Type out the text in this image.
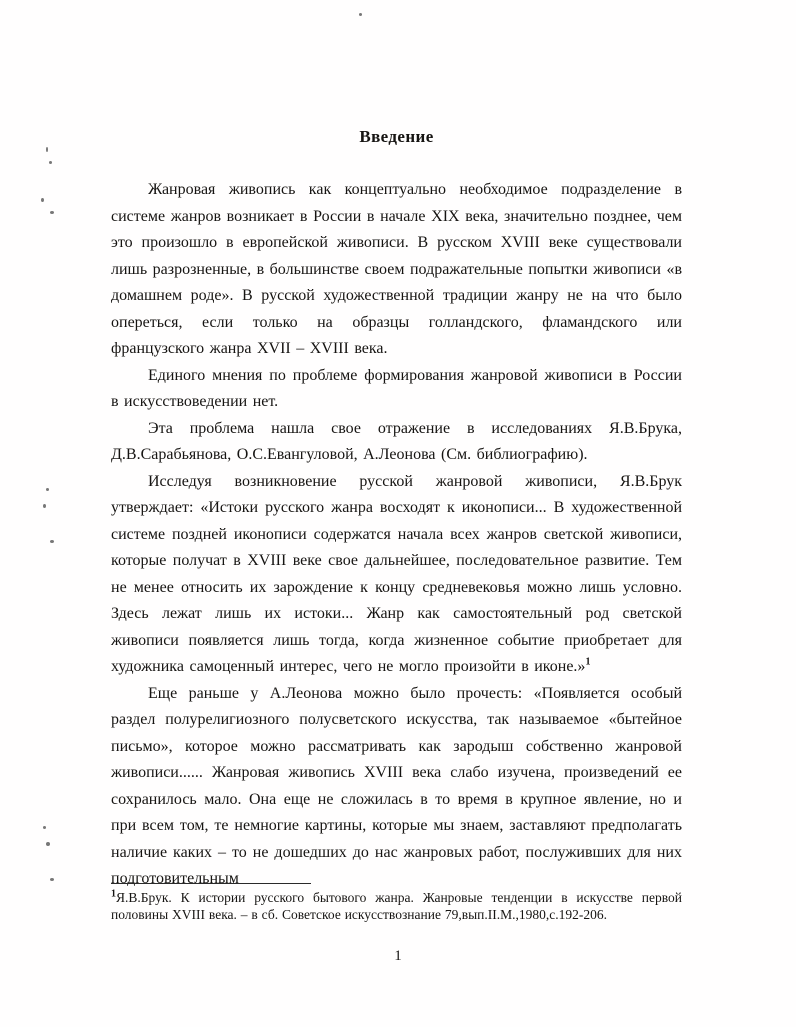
Введение

Жанровая живопись как концептуально необходимое подразделение в системе жанров возникает в России в начале XIX века, значительно позднее, чем это произошло в европейской живописи. В русском XVIII веке существовали лишь разрозненные, в большинстве своем подражательные попытки живописи «в домашнем роде». В русской художественной традиции жанру не на что было опереться, если только на образцы голландского, фламандского или французского жанра XVII – XVIII века.

Единого мнения по проблеме формирования жанровой живописи в России в искусствоведении нет.

Эта проблема нашла свое отражение в исследованиях Я.В.Брука, Д.В.Сарабьянова, О.С.Евангуловой, А.Леонова (См. библиографию).

Исследуя возникновение русской жанровой живописи, Я.В.Брук утверждает: «Истоки русского жанра восходят к иконописи... В художественной системе поздней иконописи содержатся начала всех жанров светской живописи, которые получат в XVIII веке свое дальнейшее, последовательное развитие. Тем не менее относить их зарождение к концу средневековья можно лишь условно. Здесь лежат лишь их истоки... Жанр как самостоятельный род светской живописи появляется лишь тогда, когда жизненное событие приобретает для художника самоценный интерес, чего не могло произойти в иконе.»$^1$

Еще раньше у А.Леонова можно было прочесть: «Появляется особый раздел полурелигиозного полусветского искусства, так называемое «бытейное письмо», которое можно рассматривать как зародыш собственно жанровой живописи...... Жанровая живопись XVIII века слабо изучена, произведений ее сохранилось мало. Она еще не сложилась в то время в крупное явление, но и при всем том, те немногие картины, которые мы знаем, заставляют предполагать наличие каких – то не дошедших до нас жанровых работ, послуживших для них подготовительным

$^1$Я.В.Брук. К истории русского бытового жанра. Жанровые тенденции в искусстве первой половины XVIII века. – в сб. Советское искусствознание 79,вып.II.М.,1980,с.192-206.

1
